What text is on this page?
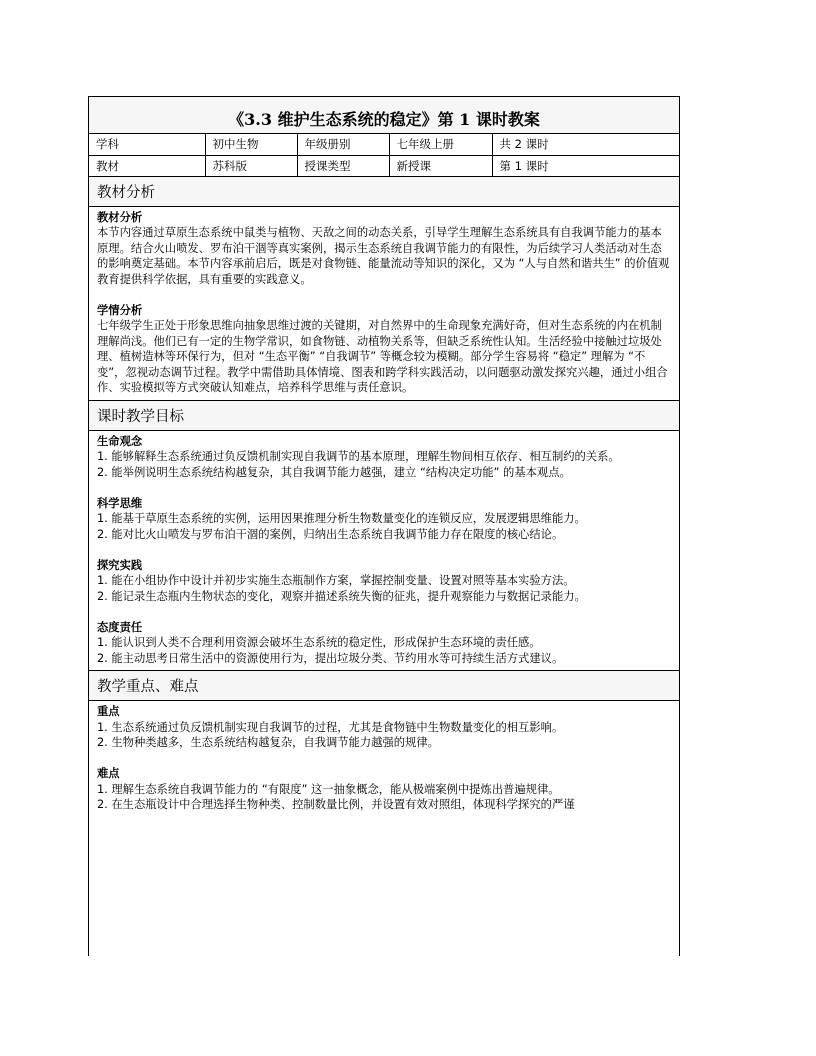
《3.3 维护生态系统的稳定》第 1 课时教案
学科	初中生物	年级册别	七年级上册	共 2 课时
教材	苏科版	授课类型	新授课	第 1 课时
教材分析
教材分析

本节内容通过草原生态系统中鼠类与植物、天敌之间的动态关系，引导学生理解生态系统具有自我调节能力的基本原理。结合火山喷发、罗布泊干涸等真实案例，揭示生态系统自我调节能力的有限性，为后续学习人类活动对生态的影响奠定基础。本节内容承前启后，既是对食物链、能量流动等知识的深化，又为 “人与自然和谐共生” 的价值观教育提供科学依据，具有重要的实践意义。

学情分析

七年级学生正处于形象思维向抽象思维过渡的关键期，对自然界中的生命现象充满好奇，但对生态系统的内在机制理解尚浅。他们已有一定的生物学常识，如食物链、动植物关系等，但缺乏系统性认知。生活经验中接触过垃圾处理、植树造林等环保行为，但对 “生态平衡” “自我调节” 等概念较为模糊。部分学生容易将 “稳定” 理解为 “不变”，忽视动态调节过程。教学中需借助具体情境、图表和跨学科实践活动，以问题驱动激发探究兴趣，通过小组合作、实验模拟等方式突破认知难点，培养科学思维与责任意识。

课时教学目标
生命观念

1. 能够解释生态系统通过负反馈机制实现自我调节的基本原理，理解生物间相互依存、相互制约的关系。

2. 能举例说明生态系统结构越复杂，其自我调节能力越强，建立 “结构决定功能” 的基本观点。

科学思维

1. 能基于草原生态系统的实例，运用因果推理分析生物数量变化的连锁反应，发展逻辑思维能力。

2. 能对比火山喷发与罗布泊干涸的案例，归纳出生态系统自我调节能力存在限度的核心结论。

探究实践

1. 能在小组协作中设计并初步实施生态瓶制作方案，掌握控制变量、设置对照等基本实验方法。

2. 能记录生态瓶内生物状态的变化，观察并描述系统失衡的征兆，提升观察能力与数据记录能力。

态度责任

1. 能认识到人类不合理利用资源会破坏生态系统的稳定性，形成保护生态环境的责任感。

2. 能主动思考日常生活中的资源使用行为，提出垃圾分类、节约用水等可持续生活方式建议。

教学重点、难点
重点

1. 生态系统通过负反馈机制实现自我调节的过程，尤其是食物链中生物数量变化的相互影响。

2. 生物种类越多，生态系统结构越复杂，自我调节能力越强的规律。

难点

1. 理解生态系统自我调节能力的 “有限度” 这一抽象概念，能从极端案例中提炼出普遍规律。

2. 在生态瓶设计中合理选择生物种类、控制数量比例，并设置有效对照组，体现科学探究的严谨
